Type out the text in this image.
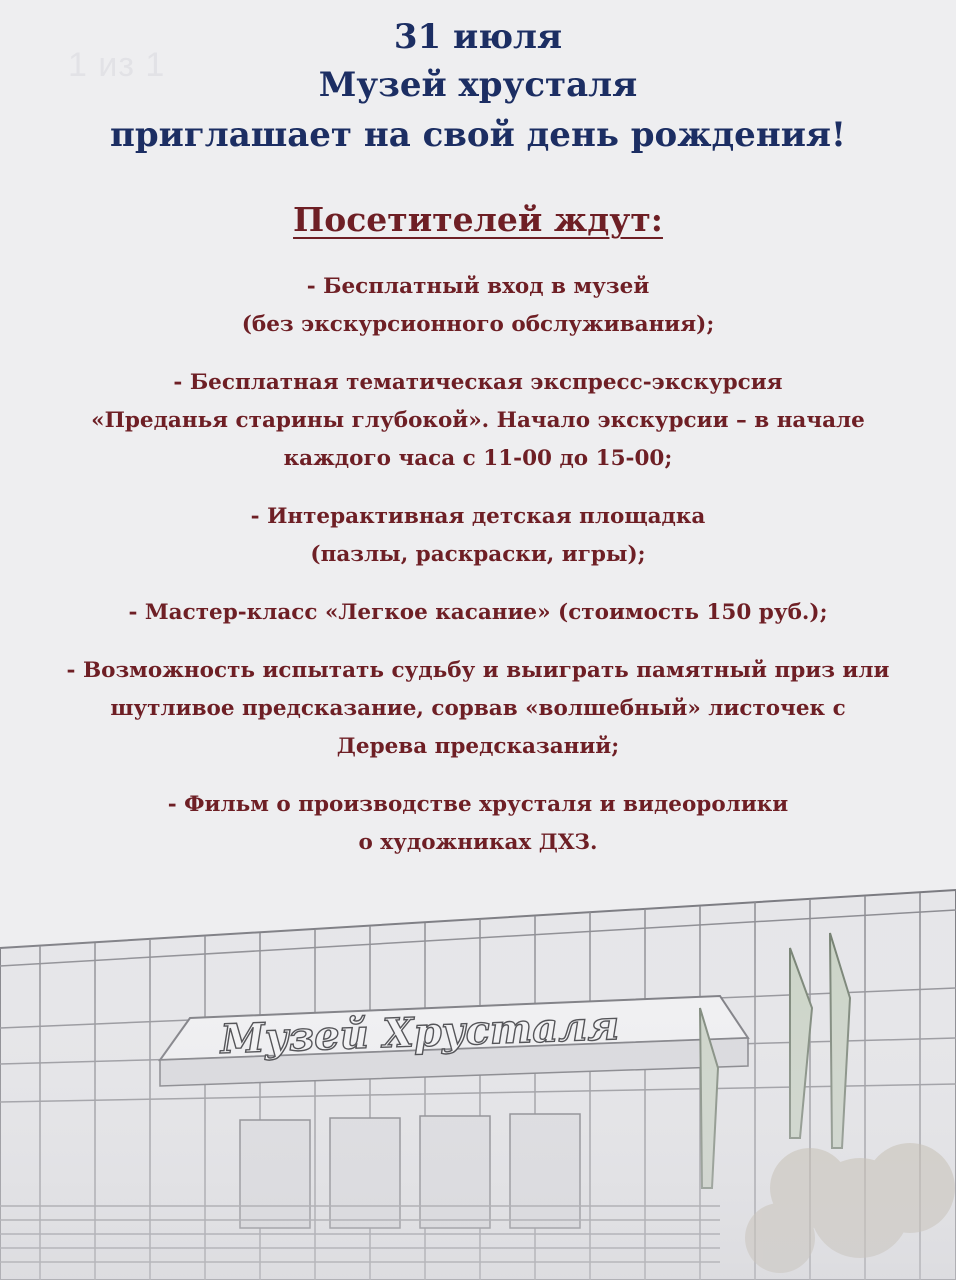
1 из 1

31 июля

Музей хрусталя

приглашает на свой день рождения!

Посетителей ждут:
- Бесплатный вход в музей
(без экскурсионного обслуживания);
- Бесплатная тематическая экспресс-экскурсия
«Преданья старины глубокой». Начало экскурсии – в начале
каждого часа с 11-00 до 15-00;
- Интерактивная детская площадка
(пазлы, раскраски, игры);
- Мастер-класс «Легкое касание» (стоимость 150 руб.);
- Возможность испытать судьбу и выиграть памятный приз или
шутливое предсказание, сорвав «волшебный» листочек с
Дерева предсказаний;
- Фильм о производстве хрусталя и видеоролики
о художниках ДХЗ.
Музей Хрусталя
